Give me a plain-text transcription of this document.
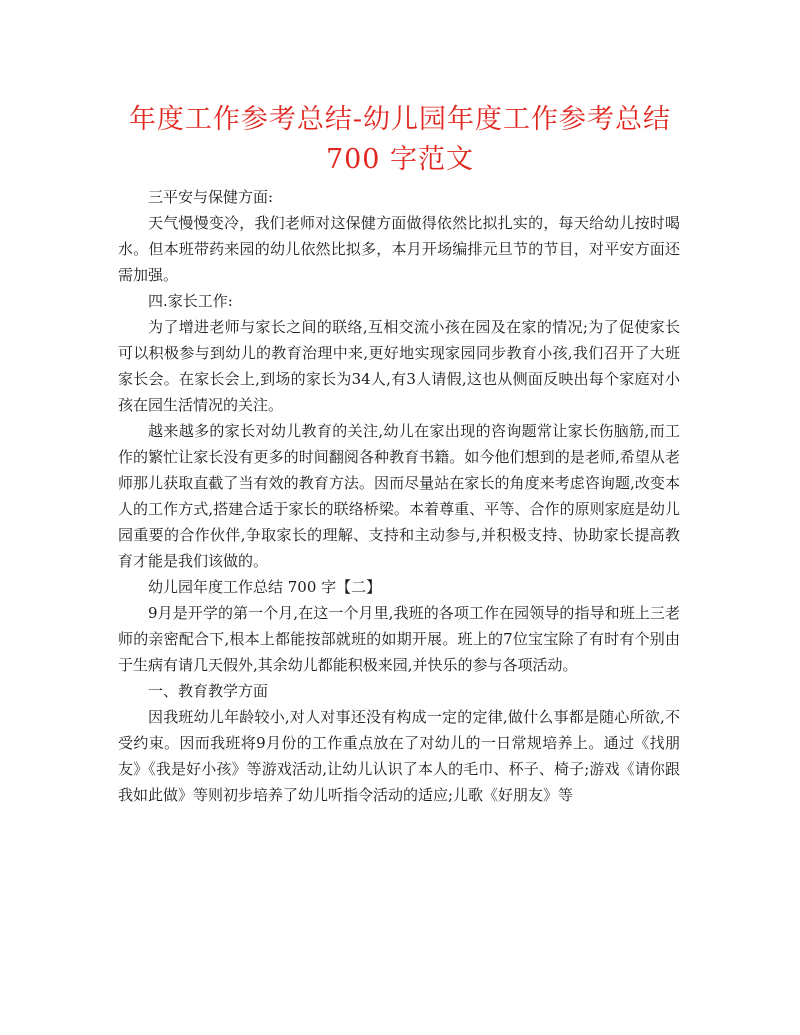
年度工作参考总结-幼儿园年度工作参考总结 700 字范文

三平安与保健方面:

天气慢慢变冷，我们老师对这保健方面做得依然比拟扎实的，每天给幼儿按时喝水。但本班带药来园的幼儿依然比拟多，本月开场编排元旦节的节目，对平安方面还需加强。

四.家长工作:

为了增进老师与家长之间的联络,互相交流小孩在园及在家的情况;为了促使家长可以积极参与到幼儿的教育治理中来,更好地实现家园同步教育小孩,我们召开了大班家长会。在家长会上,到场的家长为34人,有3人请假,这也从侧面反映出每个家庭对小孩在园生活情况的关注。

越来越多的家长对幼儿教育的关注,幼儿在家出现的咨询题常让家长伤脑筋,而工作的繁忙让家长没有更多的时间翻阅各种教育书籍。如今他们想到的是老师,希望从老师那儿获取直截了当有效的教育方法。因而尽量站在家长的角度来考虑咨询题,改变本人的工作方式,搭建合适于家长的联络桥梁。本着尊重、平等、合作的原则家庭是幼儿园重要的合作伙伴,争取家长的理解、支持和主动参与,并积极支持、协助家长提高教育才能是我们该做的。

幼儿园年度工作总结 700 字【二】

9月是开学的第一个月,在这一个月里,我班的各项工作在园领导的指导和班上三老师的亲密配合下,根本上都能按部就班的如期开展。班上的7位宝宝除了有时有个别由于生病有请几天假外,其余幼儿都能积极来园,并快乐的参与各项活动。

一、教育教学方面

因我班幼儿年龄较小,对人对事还没有构成一定的定律,做什么事都是随心所欲,不受约束。因而我班将9月份的工作重点放在了对幼儿的一日常规培养上。通过《找朋友》《我是好小孩》等游戏活动,让幼儿认识了本人的毛巾、杯子、椅子;游戏《请你跟我如此做》等则初步培养了幼儿听指令活动的适应;儿歌《好朋友》等
